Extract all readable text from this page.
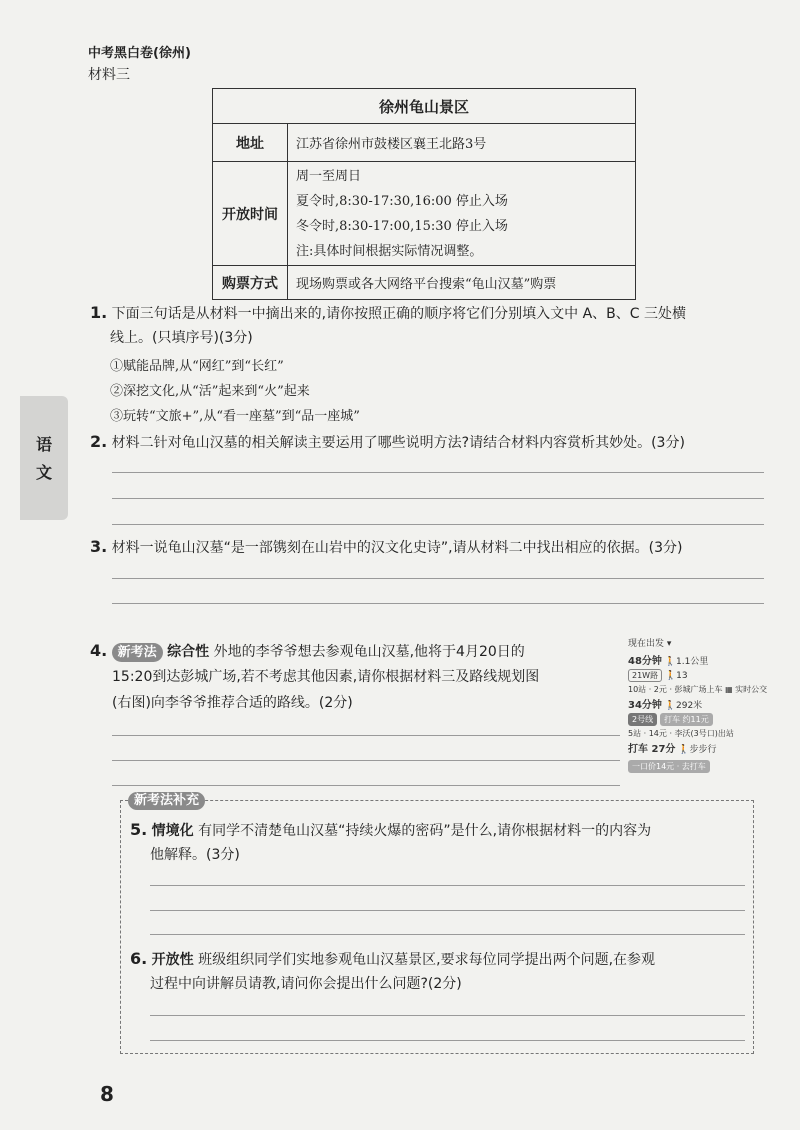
中考黑白卷(徐州)
材料三
徐州龟山景区	
地址	江苏省徐州市鼓楼区襄王北路3号
开放时间	周一至周日
夏令时,8:30-17:30,16:00 停止入场
冬令时,8:30-17:00,15:30 停止入场
注:具体时间根据实际情况调整。

购票方式	现场购票或各大网络平台搜索“龟山汉墓”购票
1. 下面三句话是从材料一中摘出来的,请你按照正确的顺序将它们分别填入文中 A、B、C 三处横
线上。(只填序号)(3分)
①赋能品牌,从“网红”到“长红”
②深挖文化,从“活”起来到“火”起来
③玩转“文旅+”,从“看一座墓”到“品一座城”
语
文
2. 材料二针对龟山汉墓的相关解读主要运用了哪些说明方法?请结合材料内容赏析其妙处。(3分)
3. 材料一说龟山汉墓“是一部镌刻在山岩中的汉文化史诗”,请从材料二中找出相应的依据。(3分)
4. 新考法 综合性 外地的李爷爷想去参观龟山汉墓,他将于4月20日的
15:20到达彭城广场,若不考虑其他因素,请你根据材料三及路线规划图
(右图)向李爷爷推荐合适的路线。(2分)
现在出发 ▾
48分钟 🚶1.1公里
21W路 🚶13
10站 · 2元 · 彭城广场上车 ▦ 实时公交
34分钟 🚶292米
2号线 打车 约11元
5站 · 14元 · 李沃(3号口)出站
打车 27分 🚶步步行
一口价14元 · 去打车
新考法补充
5. 情境化 有同学不清楚龟山汉墓“持续火爆的密码”是什么,请你根据材料一的内容为
他解释。(3分)
6. 开放性 班级组织同学们实地参观龟山汉墓景区,要求每位同学提出两个问题,在参观
过程中向讲解员请教,请问你会提出什么问题?(2分)
8
